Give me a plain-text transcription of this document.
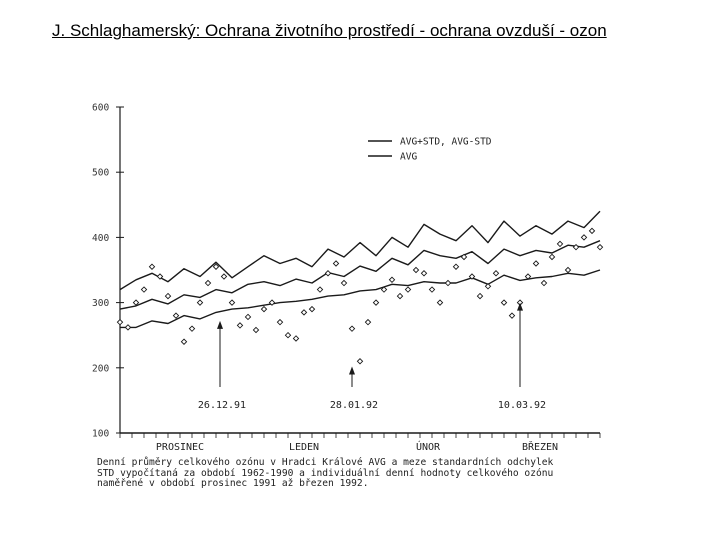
J. Schlaghamerský: Ochrana životního prostředí - ochrana ovzduší - ozon
100
200
300
400
500
600
PROSINEC	LEDEN	ÚNOR	BŘEZEN
AVG+STD, AVG-STD
AVG
26.12.91	28.01.92	10.03.92
Denní průměry celkového ozónu v Hradci Králové AVG a meze standardních odchylek
STD vypočítaná za období 1962-1990 a individuální denní hodnoty celkového ozónu
naměřené v období prosinec 1991 až březen 1992.
